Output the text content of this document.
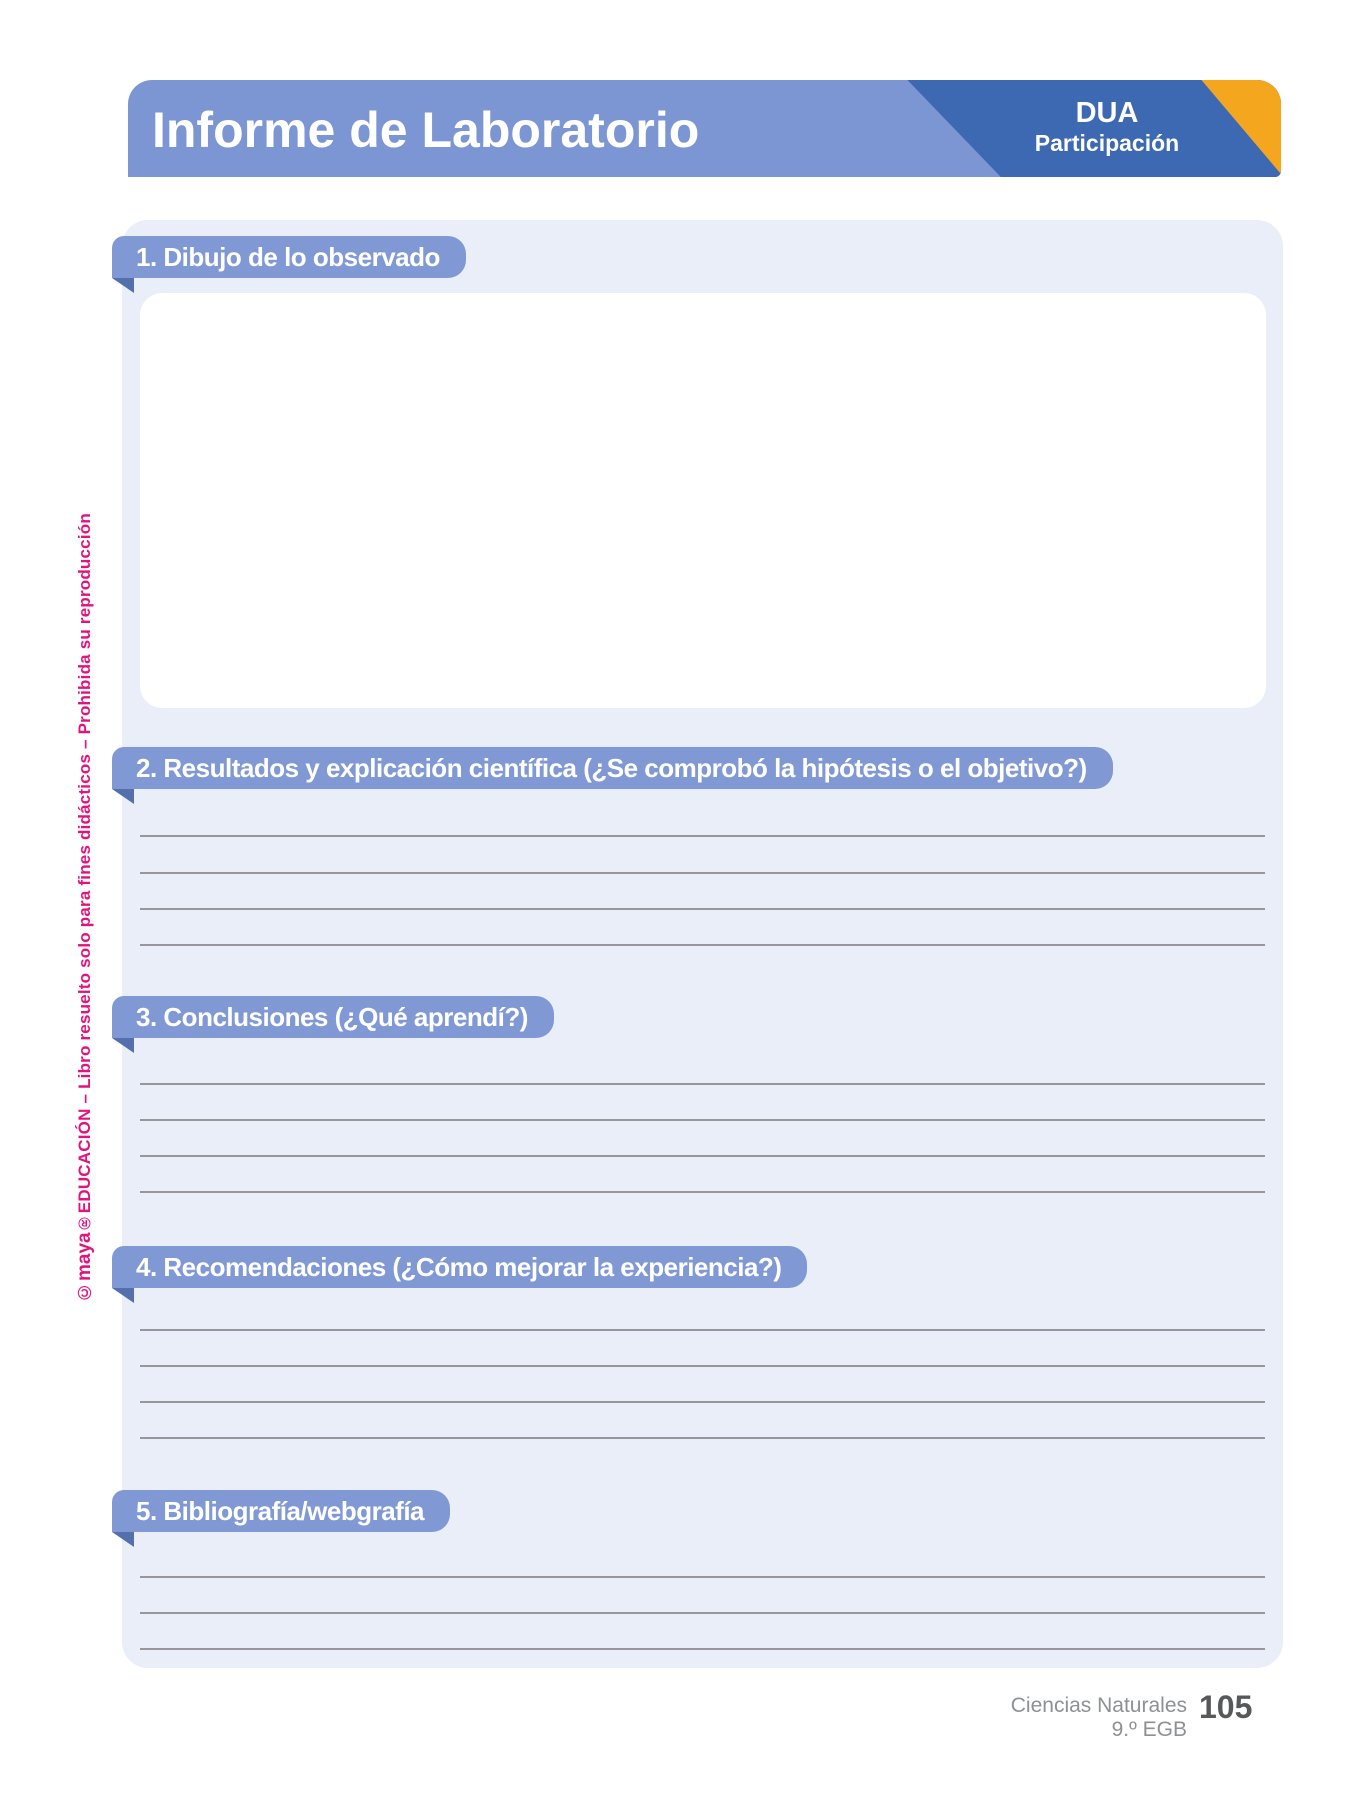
Informe de Laboratorio	DUA
Participación
1. Dibujo de lo observado
2. Resultados y explicación científica (¿Se comprobó la hipótesis o el objetivo?)
3. Conclusiones (¿Qué aprendí?)
4. Recomendaciones (¿Cómo mejorar la experiencia?)
5. Bibliografía/webgrafía
©maya®EDUCACIÓN – Libro resuelto solo para fines didácticos – Prohibida su reproducción
Ciencias Naturales
9.º EGB
105
